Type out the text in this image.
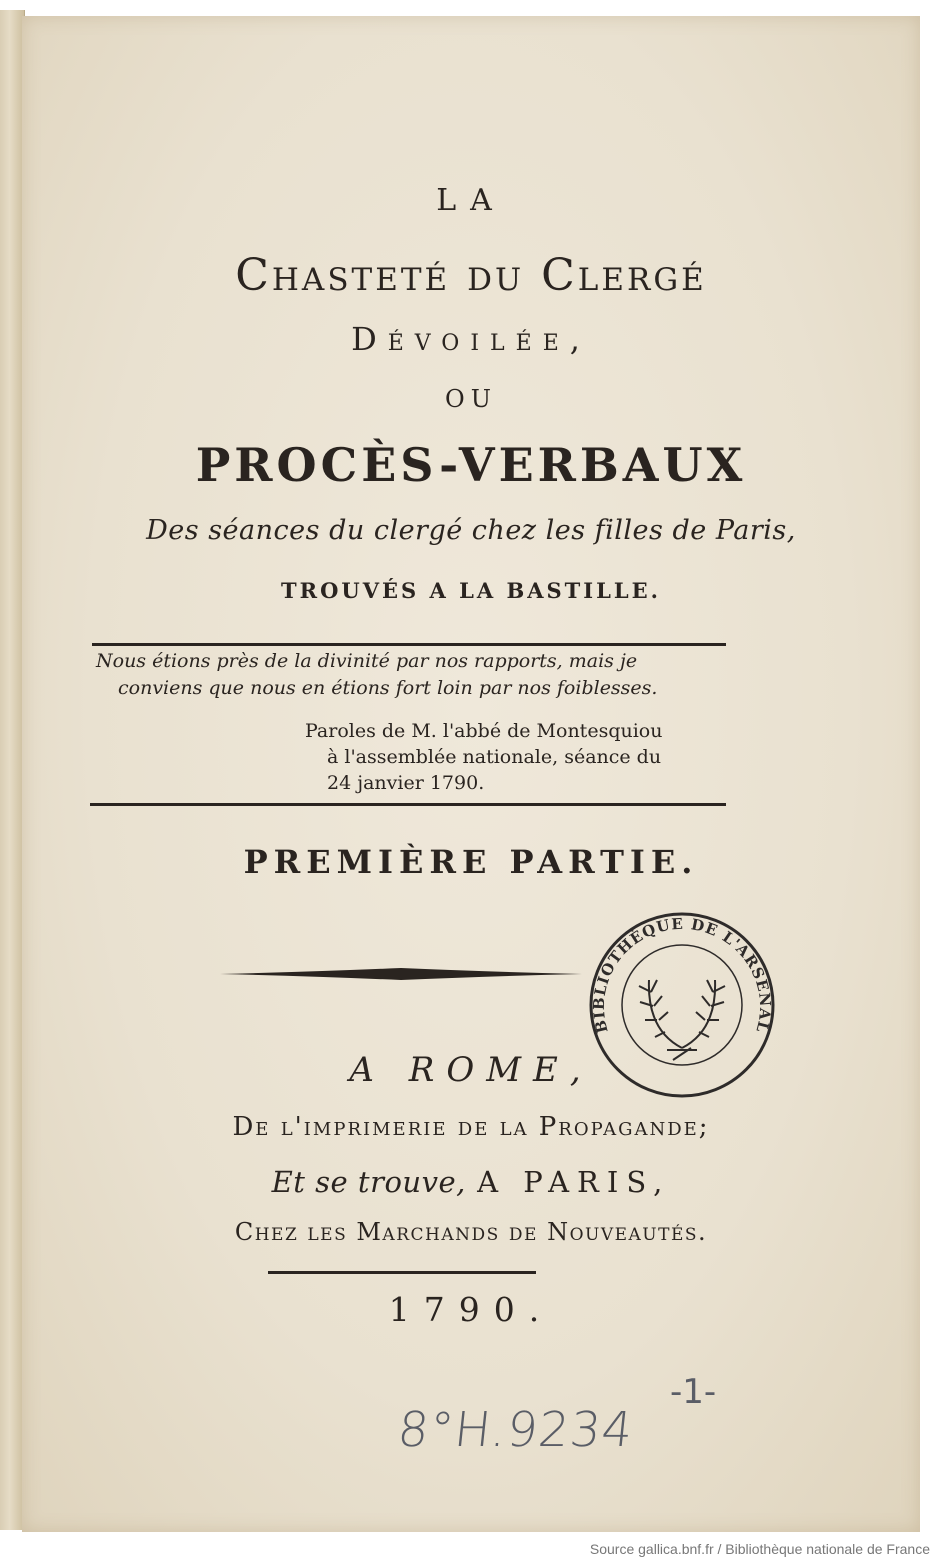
LA
Chasteté du Clergé
Dévoilée,
OU
PROCÈS-VERBAUX
Des séances du clergé chez les filles de Paris,
TROUVÉS A LA BASTILLE.
Nous étions près de la divinité par nos rapports, mais je
conviens que nous en étions fort loin par nos foiblesses.
Paroles de M. l'abbé de Montesquiou
à l'assemblée nationale, séance du
24 janvier 1790.
PREMIÈRE PARTIE.
BIBLIOTHÈQUE DE L'ARSENAL
A ROME,
De l'imprimerie de la Propagande;
Et se trouve, A PARIS,
Chez les Marchands de Nouveautés.
1790.
8°H.9234
-1-
Source gallica.bnf.fr / Bibliothèque nationale de France
